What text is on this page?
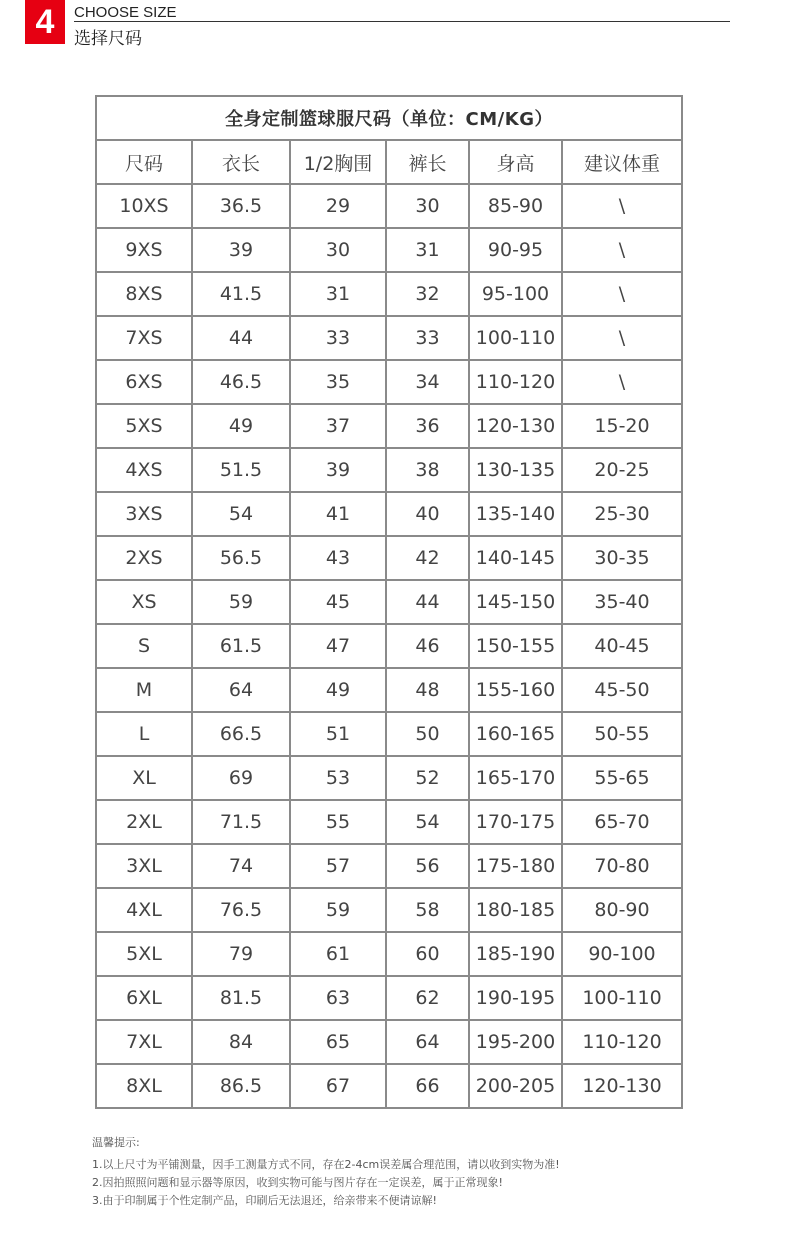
4	CHOOSE SIZE
选择尺码
全身定制篮球服尺码（单位：CM/KG）					
尺码	衣长	1/2胸围	裤长	身高	建议体重
10XS	36.5	29	30	85-90	\
9XS	39	30	31	90-95	\
8XS	41.5	31	32	95-100	\
7XS	44	33	33	100-110	\
6XS	46.5	35	34	110-120	\
5XS	49	37	36	120-130	15-20
4XS	51.5	39	38	130-135	20-25
3XS	54	41	40	135-140	25-30
2XS	56.5	43	42	140-145	30-35
XS	59	45	44	145-150	35-40
S	61.5	47	46	150-155	40-45
M	64	49	48	155-160	45-50
L	66.5	51	50	160-165	50-55
XL	69	53	52	165-170	55-65
2XL	71.5	55	54	170-175	65-70
3XL	74	57	56	175-180	70-80
4XL	76.5	59	58	180-185	80-90
5XL	79	61	60	185-190	90-100
6XL	81.5	63	62	190-195	100-110
7XL	84	65	64	195-200	110-120
8XL	86.5	67	66	200-205	120-130
温馨提示:
1.以上尺寸为平铺测量，因手工测量方式不同，存在2-4cm误差属合理范围，请以收到实物为准!
2.因拍照照问题和显示器等原因，收到实物可能与图片存在一定误差，属于正常现象!
3.由于印制属于个性定制产品，印刷后无法退还，给亲带来不便请谅解!
